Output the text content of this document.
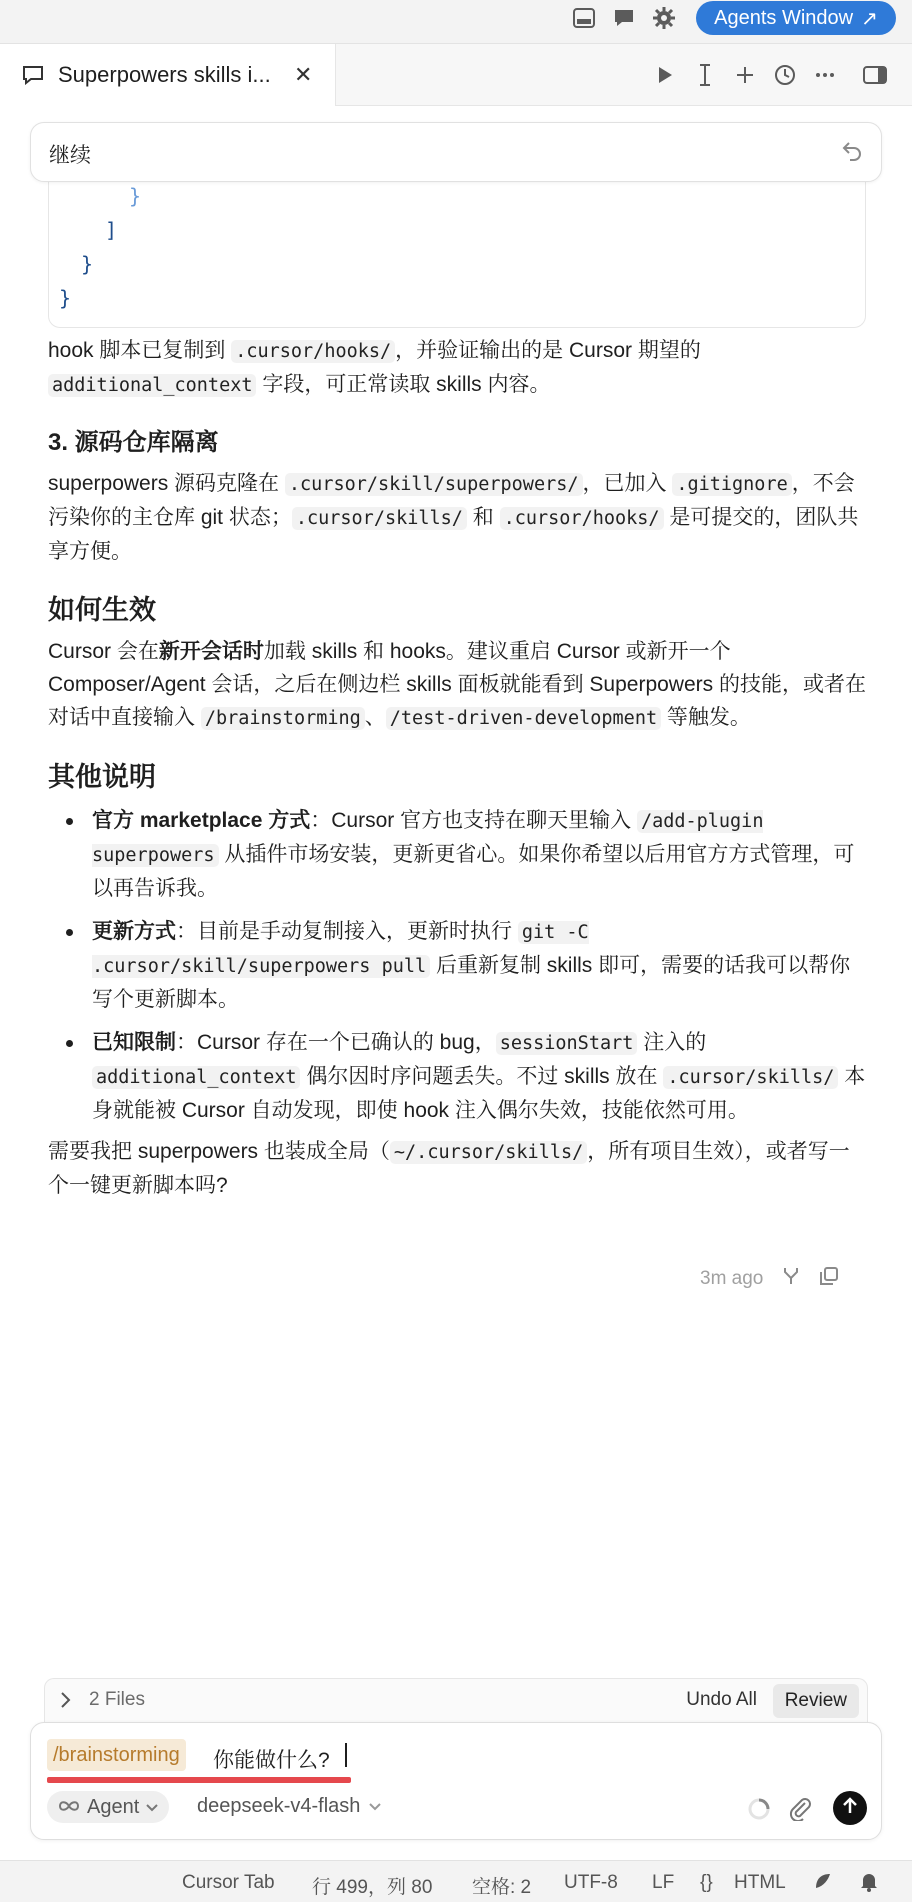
Agents Window ↗
Superpowers skills i...	✕
}
]
}
}
继续

hook 脚本已复制到 .cursor/hooks/ ，并验证输出的是 Cursor 期望的
additional_context 字段，可正常读取 skills 内容。

3. 源码仓库隔离

superpowers 源码克隆在 .cursor/skill/superpowers/ ，已加入 .gitignore ，不会污染你的主仓库 git 状态； .cursor/skills/ 和 .cursor/hooks/ 是可提交的，团队共享方便。

如何生效

Cursor 会在新开会话时加载 skills 和 hooks。建议重启 Cursor 或新开一个 Composer/Agent 会话，之后在侧边栏 skills 面板就能看到 Superpowers 的技能，或者在对话中直接输入 /brainstorming 、 /test-driven-development 等触发。

其他说明
官方 marketplace 方式：Cursor 官方也支持在聊天里输入 /add-plugin superpowers 从插件市场安装，更新更省心。如果你希望以后用官方方式管理，可以再告诉我。
更新方式：目前是手动复制接入，更新时执行 git -C .cursor/skill/superpowers pull 后重新复制 skills 即可，需要的话我可以帮你写个更新脚本。
已知限制：Cursor 存在一个已确认的 bug， sessionStart 注入的 additional_context 偶尔因时序问题丢失。不过 skills 放在 .cursor/skills/ 本身就能被 Cursor 自动发现，即使 hook 注入偶尔失效，技能依然可用。

需要我把 superpowers 也装成全局（ ~/.cursor/skills/ ，所有项目生效），或者写一个一键更新脚本吗?

3m ago
2 Files	Undo All	Review
/brainstorming 你能做什么?
Agent	deepseek-v4-flash
Cursor Tab 行 499，列 80 空格: 2 UTF-8 LF {} HTML
